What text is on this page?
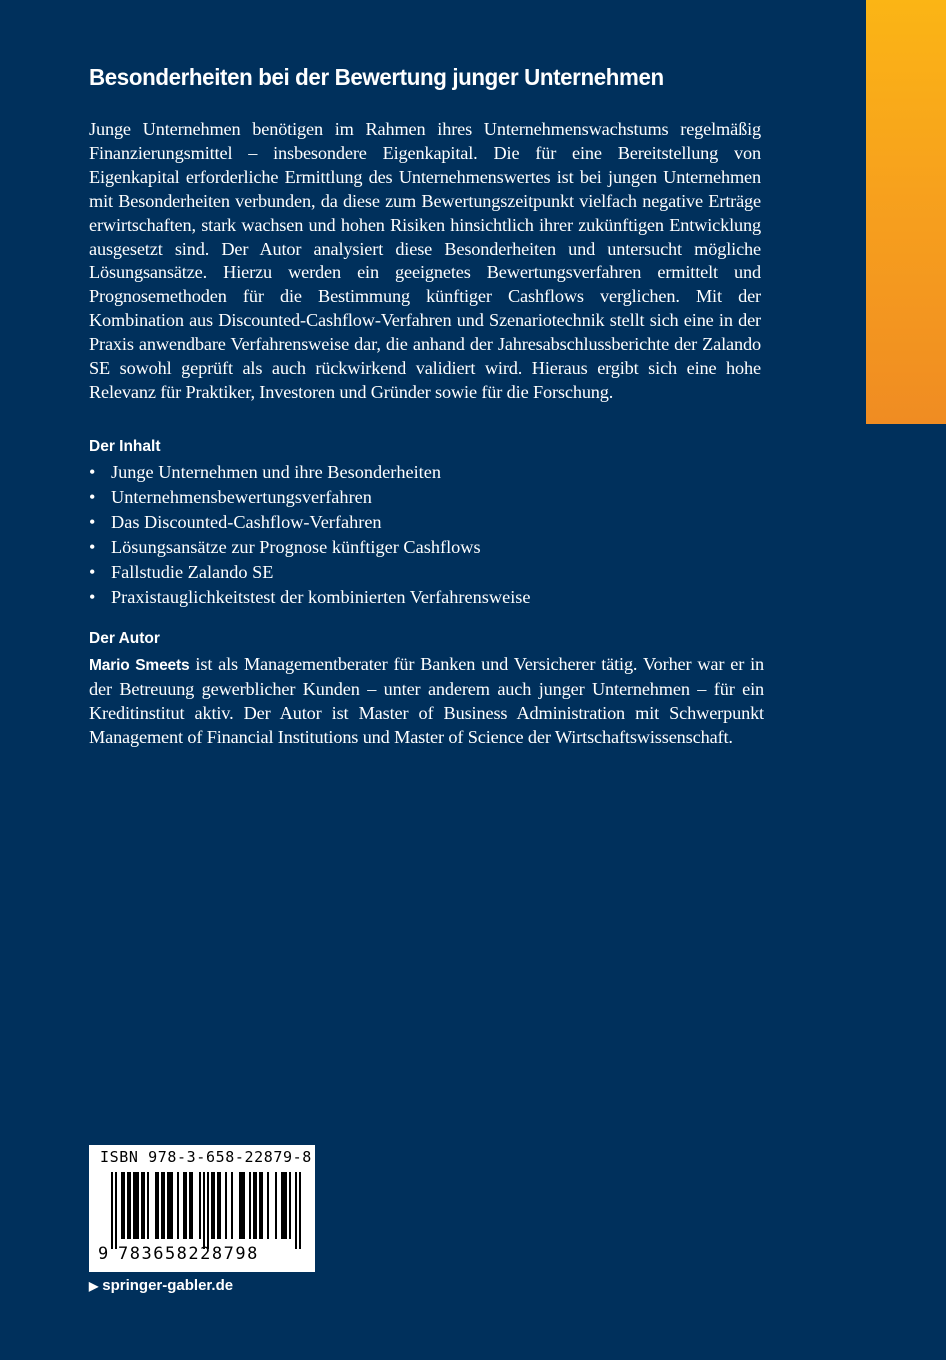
Besonderheiten bei der Bewertung junger Unternehmen

Junge Unternehmen benötigen im Rahmen ihres Unternehmenswachstums regelmäßig Finanzierungsmittel – insbesondere Eigenkapital. Die für eine Bereitstellung von Eigenkapital erforderliche Ermittlung des Unternehmenswertes ist bei jungen Unternehmen mit Besonderheiten verbunden, da diese zum Bewertungszeitpunkt vielfach negative Erträge erwirtschaften, stark wachsen und hohen Risiken hinsichtlich ihrer zukünftigen Entwicklung ausgesetzt sind. Der Autor analysiert diese Besonderheiten und untersucht mögliche Lösungsansätze. Hierzu werden ein geeignetes Bewertungsverfahren ermittelt und Prognosemethoden für die Bestimmung künftiger Cashflows verglichen. Mit der Kombination aus Discounted-Cashflow-Verfahren und Szenariotechnik stellt sich eine in der Praxis anwendbare Verfahrensweise dar, die anhand der Jahresabschlussberichte der Zalando SE sowohl geprüft als auch rückwirkend validiert wird. Hieraus ergibt sich eine hohe Relevanz für Praktiker, Investoren und Gründer sowie für die Forschung.

Der Inhalt
• Junge Unternehmen und ihre Besonderheiten
• Unternehmensbewertungsverfahren
• Das Discounted-Cashflow-Verfahren
• Lösungsansätze zur Prognose künftiger Cashflows
• Fallstudie Zalando SE
• Praxistauglichkeitstest der kombinierten Verfahrensweise
Der Autor

Mario Smeets ist als Managementberater für Banken und Versicherer tätig. Vorher war er in der Betreuung gewerblicher Kunden – unter anderem auch junger Unternehmen – für ein Kreditinstitut aktiv. Der Autor ist Master of Business Administration mit Schwerpunkt Management of Financial Institutions und Master of Science der Wirtschaftswissenschaft.

ISBN 978-3-658-22879-8
9 783658228798
▶ springer-gabler.de
